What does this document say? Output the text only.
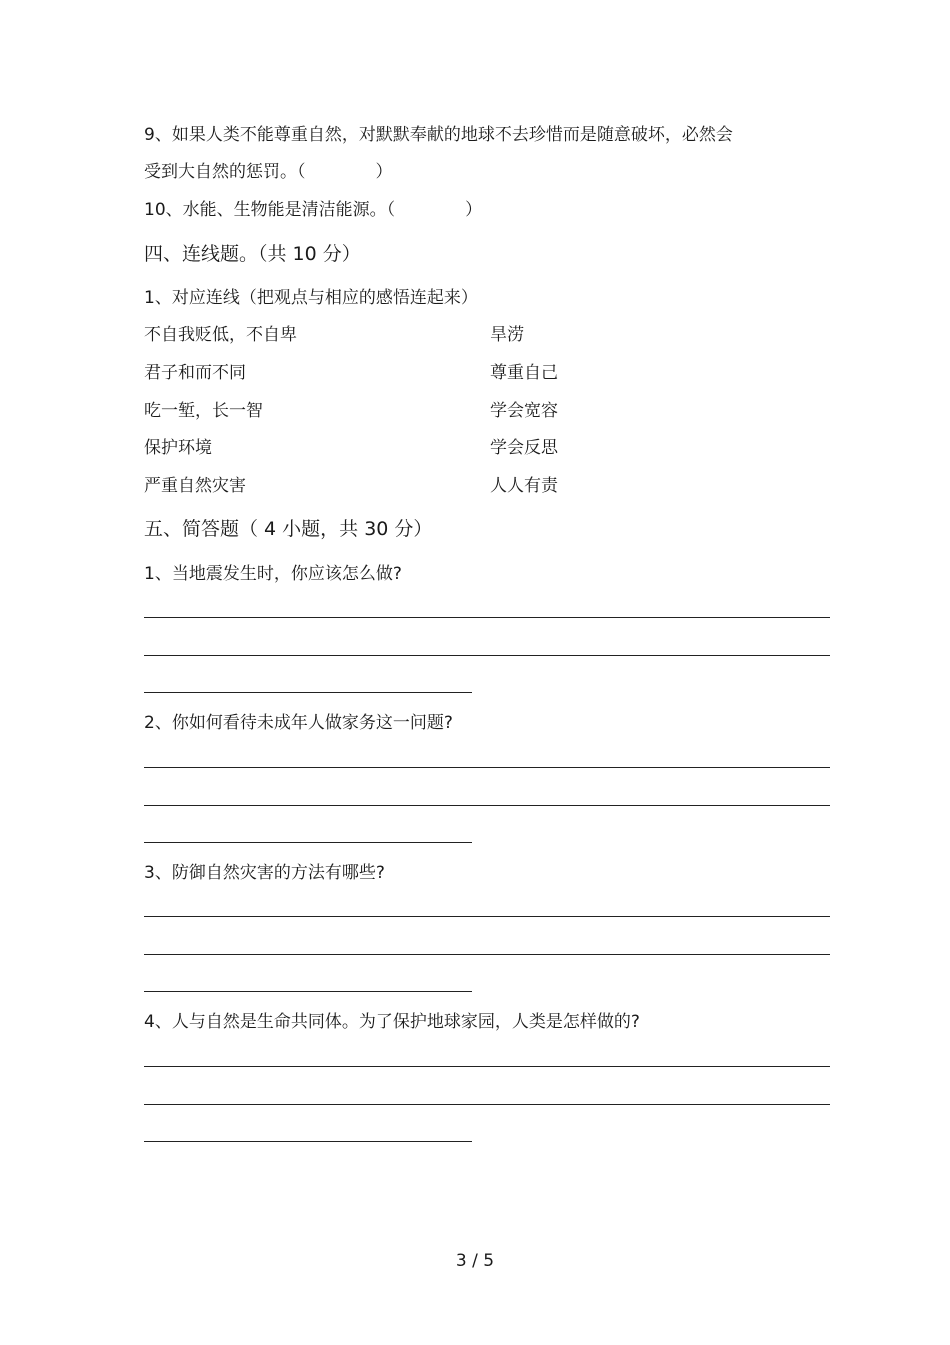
9、如果人类不能尊重自然，对默默奉献的地球不去珍惜而是随意破坏，必然会
受到大自然的惩罚。（	）
10、水能、生物能是清洁能源。（	）
四、连线题。（共 10 分）
1、对应连线（把观点与相应的感悟连起来）
不自我贬低，不自卑	旱涝
君子和而不同	尊重自己
吃一堑，长一智	学会宽容
保护环境	学会反思
严重自然灾害	人人有责
五、简答题（ 4 小题，共 30 分）
1、当地震发生时，你应该怎么做?
2、你如何看待未成年人做家务这一问题?
3、防御自然灾害的方法有哪些?
4、人与自然是生命共同体。为了保护地球家园，人类是怎样做的?
3 / 5
